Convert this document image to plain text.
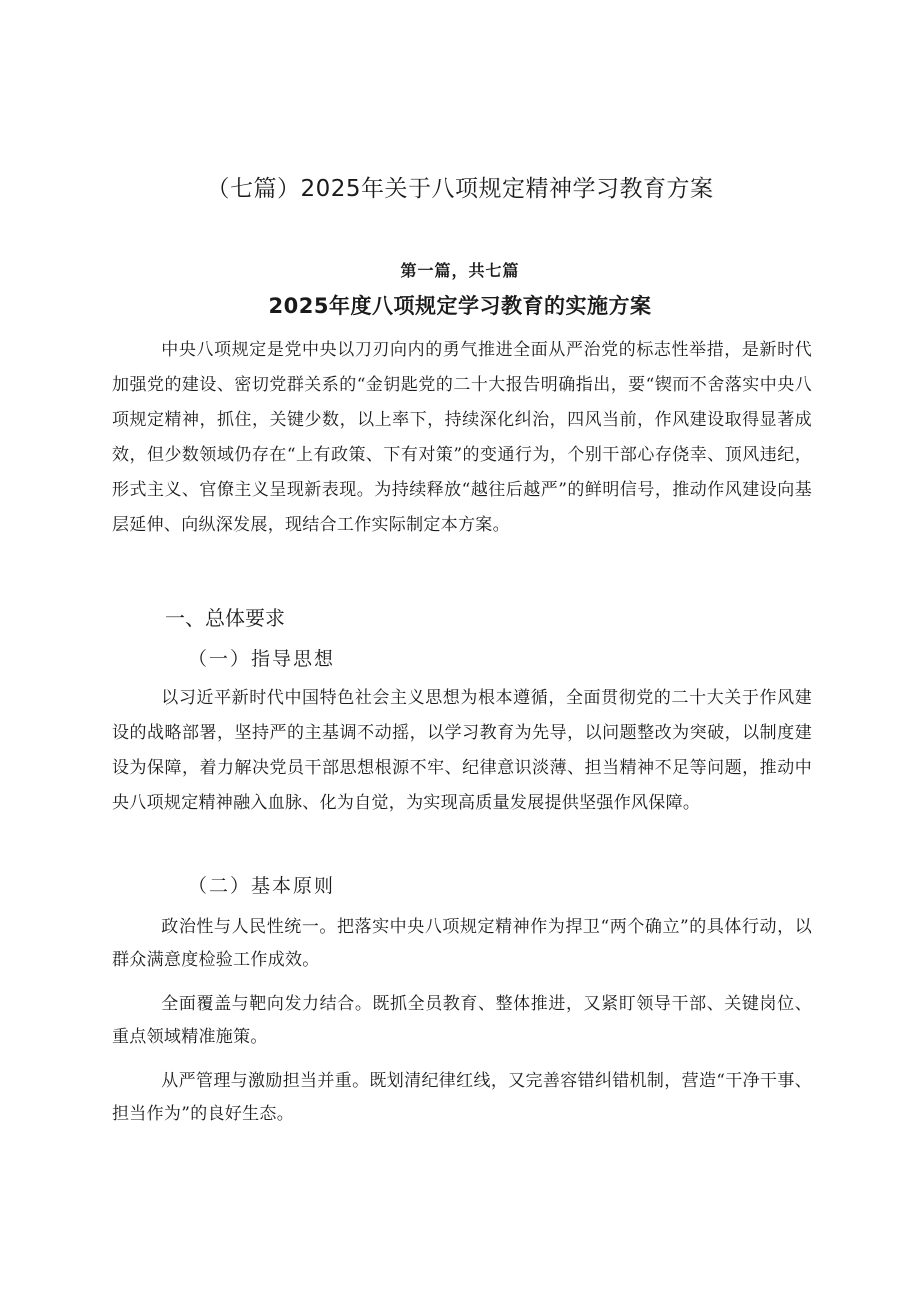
（七篇）2025年关于八项规定精神学习教育方案
第一篇，共七篇
2025年度八项规定学习教育的实施方案

中央八项规定是党中央以刀刃向内的勇气推进全面从严治党的标志性举措，是新时代加强党的建设、密切党群关系的“金钥匙党的二十大报告明确指出，要“锲而不舍落实中央八项规定精神，抓住，关键少数，以上率下，持续深化纠治，四风当前，作风建设取得显著成效，但少数领域仍存在“上有政策、下有对策”的变通行为，个别干部心存侥幸、顶风违纪，形式主义、官僚主义呈现新表现。为持续释放“越往后越严”的鲜明信号，推动作风建设向基层延伸、向纵深发展，现结合工作实际制定本方案。

一、总体要求
（一）指导思想

以习近平新时代中国特色社会主义思想为根本遵循，全面贯彻党的二十大关于作风建设的战略部署，坚持严的主基调不动摇，以学习教育为先导，以问题整改为突破，以制度建设为保障，着力解决党员干部思想根源不牢、纪律意识淡薄、担当精神不足等问题，推动中央八项规定精神融入血脉、化为自觉，为实现高质量发展提供坚强作风保障。

（二）基本原则

政治性与人民性统一。把落实中央八项规定精神作为捍卫“两个确立”的具体行动，以群众满意度检验工作成效。

全面覆盖与靶向发力结合。既抓全员教育、整体推进，又紧盯领导干部、关键岗位、重点领域精准施策。

从严管理与激励担当并重。既划清纪律红线，又完善容错纠错机制，营造“干净干事、担当作为”的良好生态。
